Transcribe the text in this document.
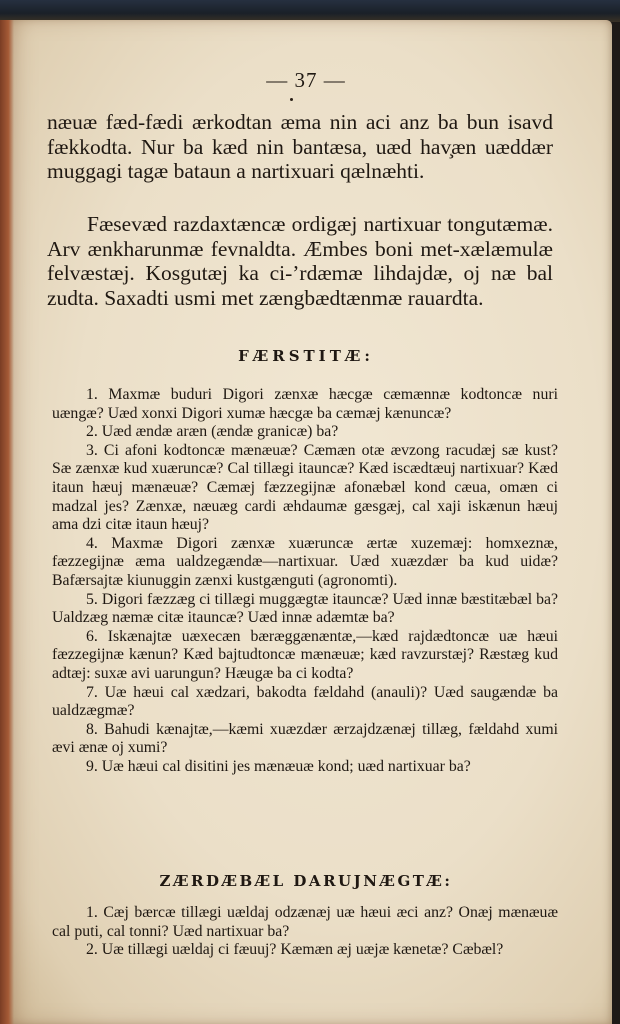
— 37 —

næuæ fæd-fædi ærkodtan æma nin aci anz ba bun isavd fækkodta. Nur ba kæd nin bantæsa, uæd hav̧æn uæddær muggagi tagæ bataun a nartixuari qælnæhti.

Fæsevæd razdaxtæncæ ordigæj nartixuar tongutæmæ. Arv ænkharunmæ fevnaldta. Æmbes boni met-xælæmulæ felvæstæj. Kosgutæj ka ci-’rdæmæ lihdajdæ, oj næ bal zudta. Saxadti usmi met zængbædtænmæ rauardta.

FÆRSTITÆ:
1. Maxmæ buduri Digori zænxæ hæcgæ cæmænnæ kodtoncæ nuri uængæ? Uæd xonxi Digori xumæ hæcgæ ba cæmæj kænuncæ?
2. Uæd ændæ aræn (ændæ granicæ) ba?
3. Ci afoni kodtoncæ mænæuæ? Cæmæn otæ ævzong racudæj sæ kust? Sæ zænxæ kud xuæruncæ? Cal tillægi itauncæ? Kæd iscædtæuj nartixuar? Kæd itaun hæuj mænæuæ? Cæmæj fæzzegijnæ afonæbæl kond cæua, omæn ci madzal jes? Zænxæ, næuæg cardi æhdaumæ gæsgæj, cal xaji iskænun hæuj ama dzi citæ itaun hæuj?
4. Maxmæ Digori zænxæ xuæruncæ ærtæ xuzemæj: homxeznæ, fæzzegijnæ æma ualdzegændæ—nartixuar. Uæd xuæzdær ba kud uidæ? Bafærsajtæ kiunuggin zænxi kustgænguti (agronomti).
5. Digori fæzzæg ci tillægi muggægtæ itauncæ? Uæd innæ bæstitæbæl ba? Ualdzæg næmæ citæ itauncæ? Uæd innæ adæmtæ ba?
6. Iskænajtæ uæxecæn bæræggænæntæ,—kæd rajdædtoncæ uæ hæui fæzzegijnæ kænun? Kæd bajtudtoncæ mænæuæ; kæd ravzurstæj? Ræstæg kud adtæj: suxæ avi uarungun? Hæugæ ba ci kodta?
7. Uæ hæui cal xædzari, bakodta fældahd (anauli)? Uæd saugændæ ba ualdzægmæ?
8. Bahudi kænajtæ,—kæmi xuæzdær ærzajdzænæj tillæg, fældahd xumi ævi ænæ oj xumi?
9. Uæ hæui cal disitini jes mænæuæ kond; uæd nartixuar ba?
ZÆRDÆBÆL DARUJNÆGTÆ:
1. Cæj bærcæ tillægi uældaj odzænæj uæ hæui æci anz? Onæj mænæuæ cal puti, cal tonni? Uæd nartixuar ba?
2. Uæ tillægi uældaj ci fæuuj? Kæmæn æj uæjæ kænetæ? Cæbæl?
